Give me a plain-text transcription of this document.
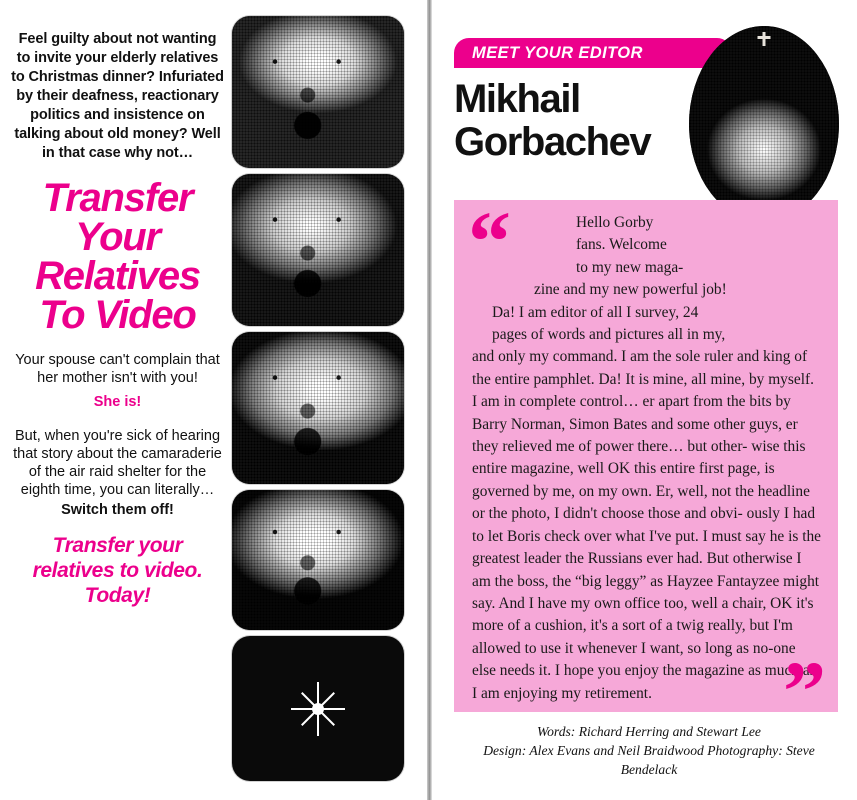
Feel guilty about not wanting to invite your elderly relatives to Christmas dinner? Infuriated by their deafness, reactionary politics and insistence on talking about old money? Well in that case why not…
Transfer Your Relatives To Video
Your spouse can't complain that her mother isn't with you!
She is!
But, when you're sick of hearing that story about the camaraderie of the air raid shelter for the eighth time, you can literally…
Switch them off!
Transfer your relatives to video. Today!
MEET YOUR EDITOR
Mikhail Gorbachev
“	Hello Gorby
fans. Welcome
to my new maga-
zine and my new powerful job!
Da! I am editor of all I survey, 24
pages of words and pictures all in my,
and only my command. I am the sole ruler and king of the entire pamphlet. Da! It is mine, all mine, by myself. I am in complete control… er apart from the bits by Barry Norman, Simon Bates and some other guys, er they relieved me of power there… but other- wise this entire magazine, well OK this entire first page, is governed by me, on my own. Er, well, not the headline or the photo, I didn't choose those and obvi- ously I had to let Boris check over what I've put. I must say he is the greatest leader the Russians ever had. But otherwise I am the boss, the “big leggy” as Hayzee Fantayzee might say. And I have my own office too, well a chair, OK it's more of a cushion, it's a sort of a twig really, but I'm allowed to use it whenever I want, so long as no-one else needs it. I hope you enjoy the magazine as much as I am enjoying my retirement.	”
Words: Richard Herring and Stewart Lee
Design: Alex Evans and Neil Braidwood Photography: Steve Bendelack
